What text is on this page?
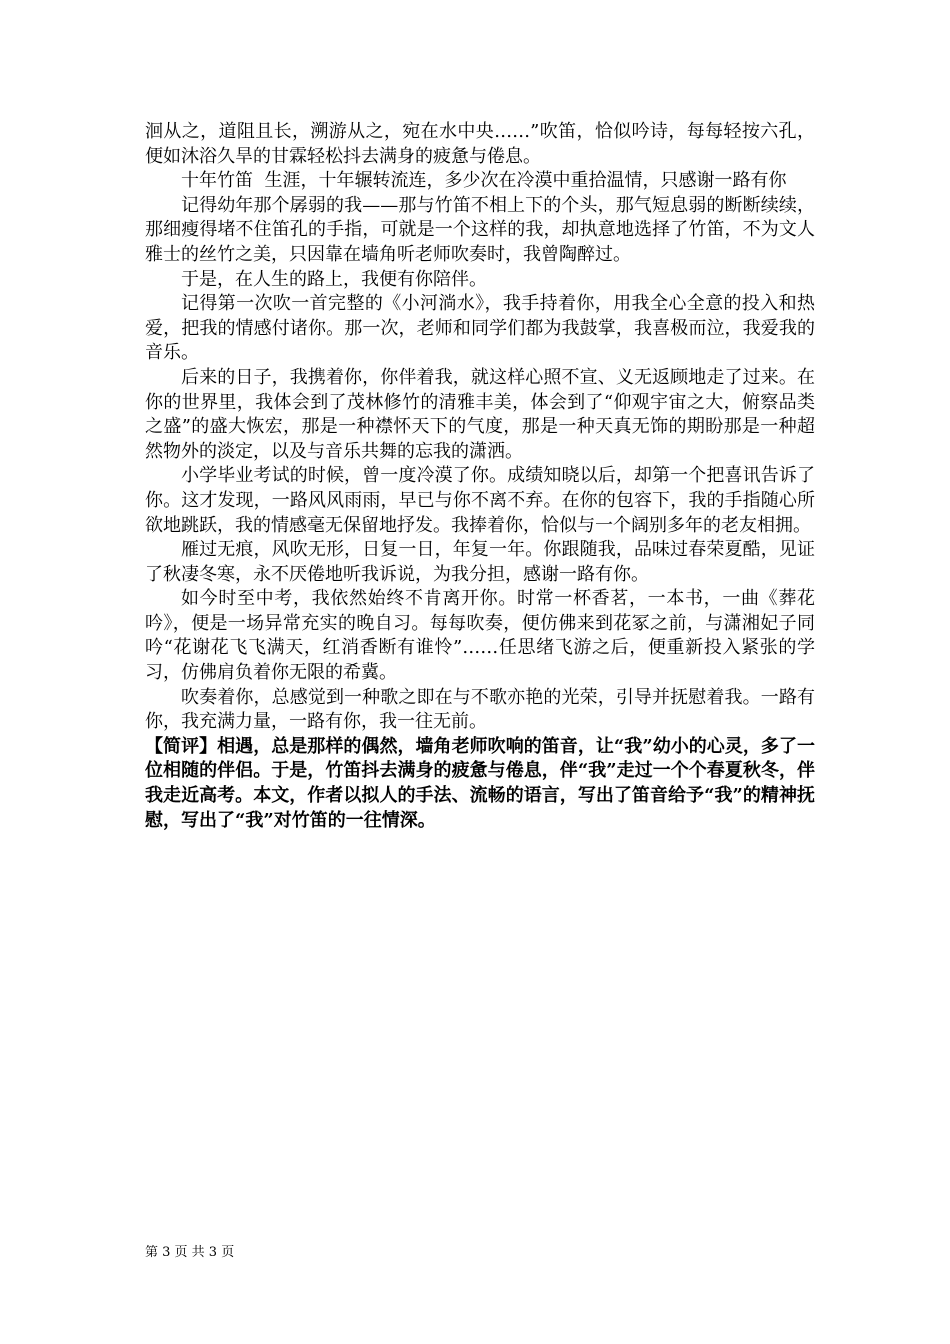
洄从之，道阻且长，溯游从之，宛在水中央……”吹笛，恰似吟诗，每每轻按六孔，便如沐浴久旱的甘霖轻松抖去满身的疲惫与倦息。

十年竹笛  生涯，十年辗转流连，多少次在冷漠中重拾温情，只感谢一路有你

记得幼年那个孱弱的我——那与竹笛不相上下的个头，那气短息弱的断断续续，那细瘦得堵不住笛孔的手指，可就是一个这样的我，却执意地选择了竹笛，不为文人雅士的丝竹之美，只因靠在墙角听老师吹奏时，我曾陶醉过。

于是，在人生的路上，我便有你陪伴。

记得第一次吹一首完整的《小河淌水》，我手持着你，用我全心全意的投入和热爱，把我的情感付诸你。那一次，老师和同学们都为我鼓掌，我喜极而泣，我爱我的音乐。

后来的日子，我携着你，你伴着我，就这样心照不宣、义无返顾地走了过来。在你的世界里，我体会到了茂林修竹的清雅丰美，体会到了“仰观宇宙之大，俯察品类之盛”的盛大恢宏，那是一种襟怀天下的气度，那是一种天真无饰的期盼那是一种超然物外的淡定，以及与音乐共舞的忘我的潇洒。

小学毕业考试的时候，曾一度冷漠了你。成绩知晓以后，却第一个把喜讯告诉了你。这才发现，一路风风雨雨，早已与你不离不弃。在你的包容下，我的手指随心所欲地跳跃，我的情感毫无保留地抒发。我捧着你，恰似与一个阔别多年的老友相拥。

雁过无痕，风吹无形，日复一日，年复一年。你跟随我，品味过春荣夏酷，见证了秋凄冬寒，永不厌倦地听我诉说，为我分担，感谢一路有你。

如今时至中考，我依然始终不肯离开你。时常一杯香茗，一本书，一曲《葬花吟》，便是一场异常充实的晚自习。每每吹奏，便仿佛来到花冢之前，与潇湘妃子同吟“花谢花飞飞满天，红消香断有谁怜”……任思绪飞游之后，便重新投入紧张的学习，仿佛肩负着你无限的希冀。

吹奏着你，总感觉到一种歌之即在与不歌亦艳的光荣，引导并抚慰着我。一路有你，我充满力量，一路有你，我一往无前。

【简评】相遇，总是那样的偶然，墙角老师吹响的笛音，让“我”幼小的心灵，多了一位相随的伴侣。于是，竹笛抖去满身的疲惫与倦息，伴“我”走过一个个春夏秋冬，伴我走近高考。本文，作者以拟人的手法、流畅的语言，写出了笛音给予“我”的精神抚慰，写出了“我”对竹笛的一往情深。

第 3 页 共 3 页
